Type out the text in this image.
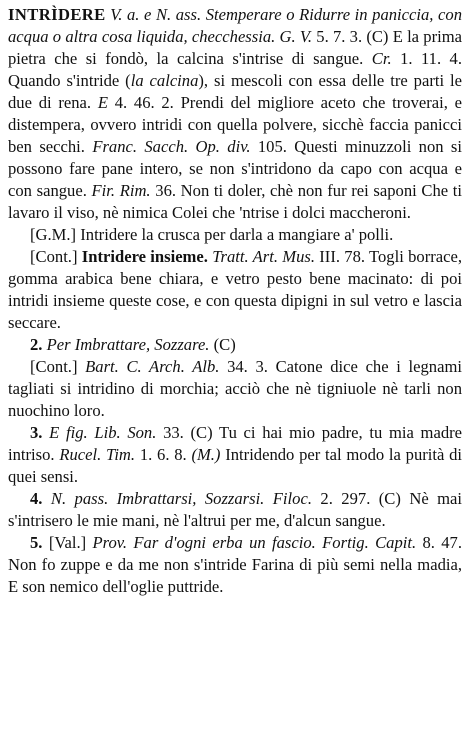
INTRÌDERE V. a. e N. ass. Stemperare o Ridurre in paniccia, con acqua o altra cosa liquida, checchessia. G. V. 5. 7. 3. (C) E la prima pietra che si fondò, la calcina s'intrise di sangue. Cr. 1. 11. 4. Quando s'intride (la calcina), si mescoli con essa delle tre parti le due di rena. E 4. 46. 2. Prendi del migliore aceto che troverai, e distempera, ovvero intridi con quella polvere, sicchè faccia panicci ben secchi. Franc. Sacch. Op. div. 105. Questi minuzzoli non si possono fare pane intero, se non s'intridono da capo con acqua e con sangue. Fir. Rim. 36. Non ti doler, chè non fur rei saponi Che ti lavaro il viso, nè nimica Colei che 'ntrise i dolci maccheroni.

[G.M.] Intridere la crusca per darla a mangiare a' polli.

[Cont.] Intridere insieme. Tratt. Art. Mus. III. 78. Togli borrace, gomma arabica bene chiara, e vetro pesto bene macinato: di poi intridi insieme queste cose, e con questa dipigni in sul vetro e lascia seccare.

2. Per Imbrattare, Sozzare. (C)

[Cont.] Bart. C. Arch. Alb. 34. 3. Catone dice che i legnami tagliati si intridino di morchia; acciò che nè tigniuole nè tarli non nuochino loro.

3. E fig. Lib. Son. 33. (C) Tu ci hai mio padre, tu mia madre intriso. Rucel. Tim. 1. 6. 8. (M.) Intridendo per tal modo la purità di quei sensi.

4. N. pass. Imbrattarsi, Sozzarsi. Filoc. 2. 297. (C) Nè mai s'intrisero le mie mani, nè l'altrui per me, d'alcun sangue.

5. [Val.] Prov. Far d'ogni erba un fascio. Fortig. Capit. 8. 47. Non fo zuppe e da me non s'intride Farina di più semi nella madia, E son nemico dell'oglie puttride.
